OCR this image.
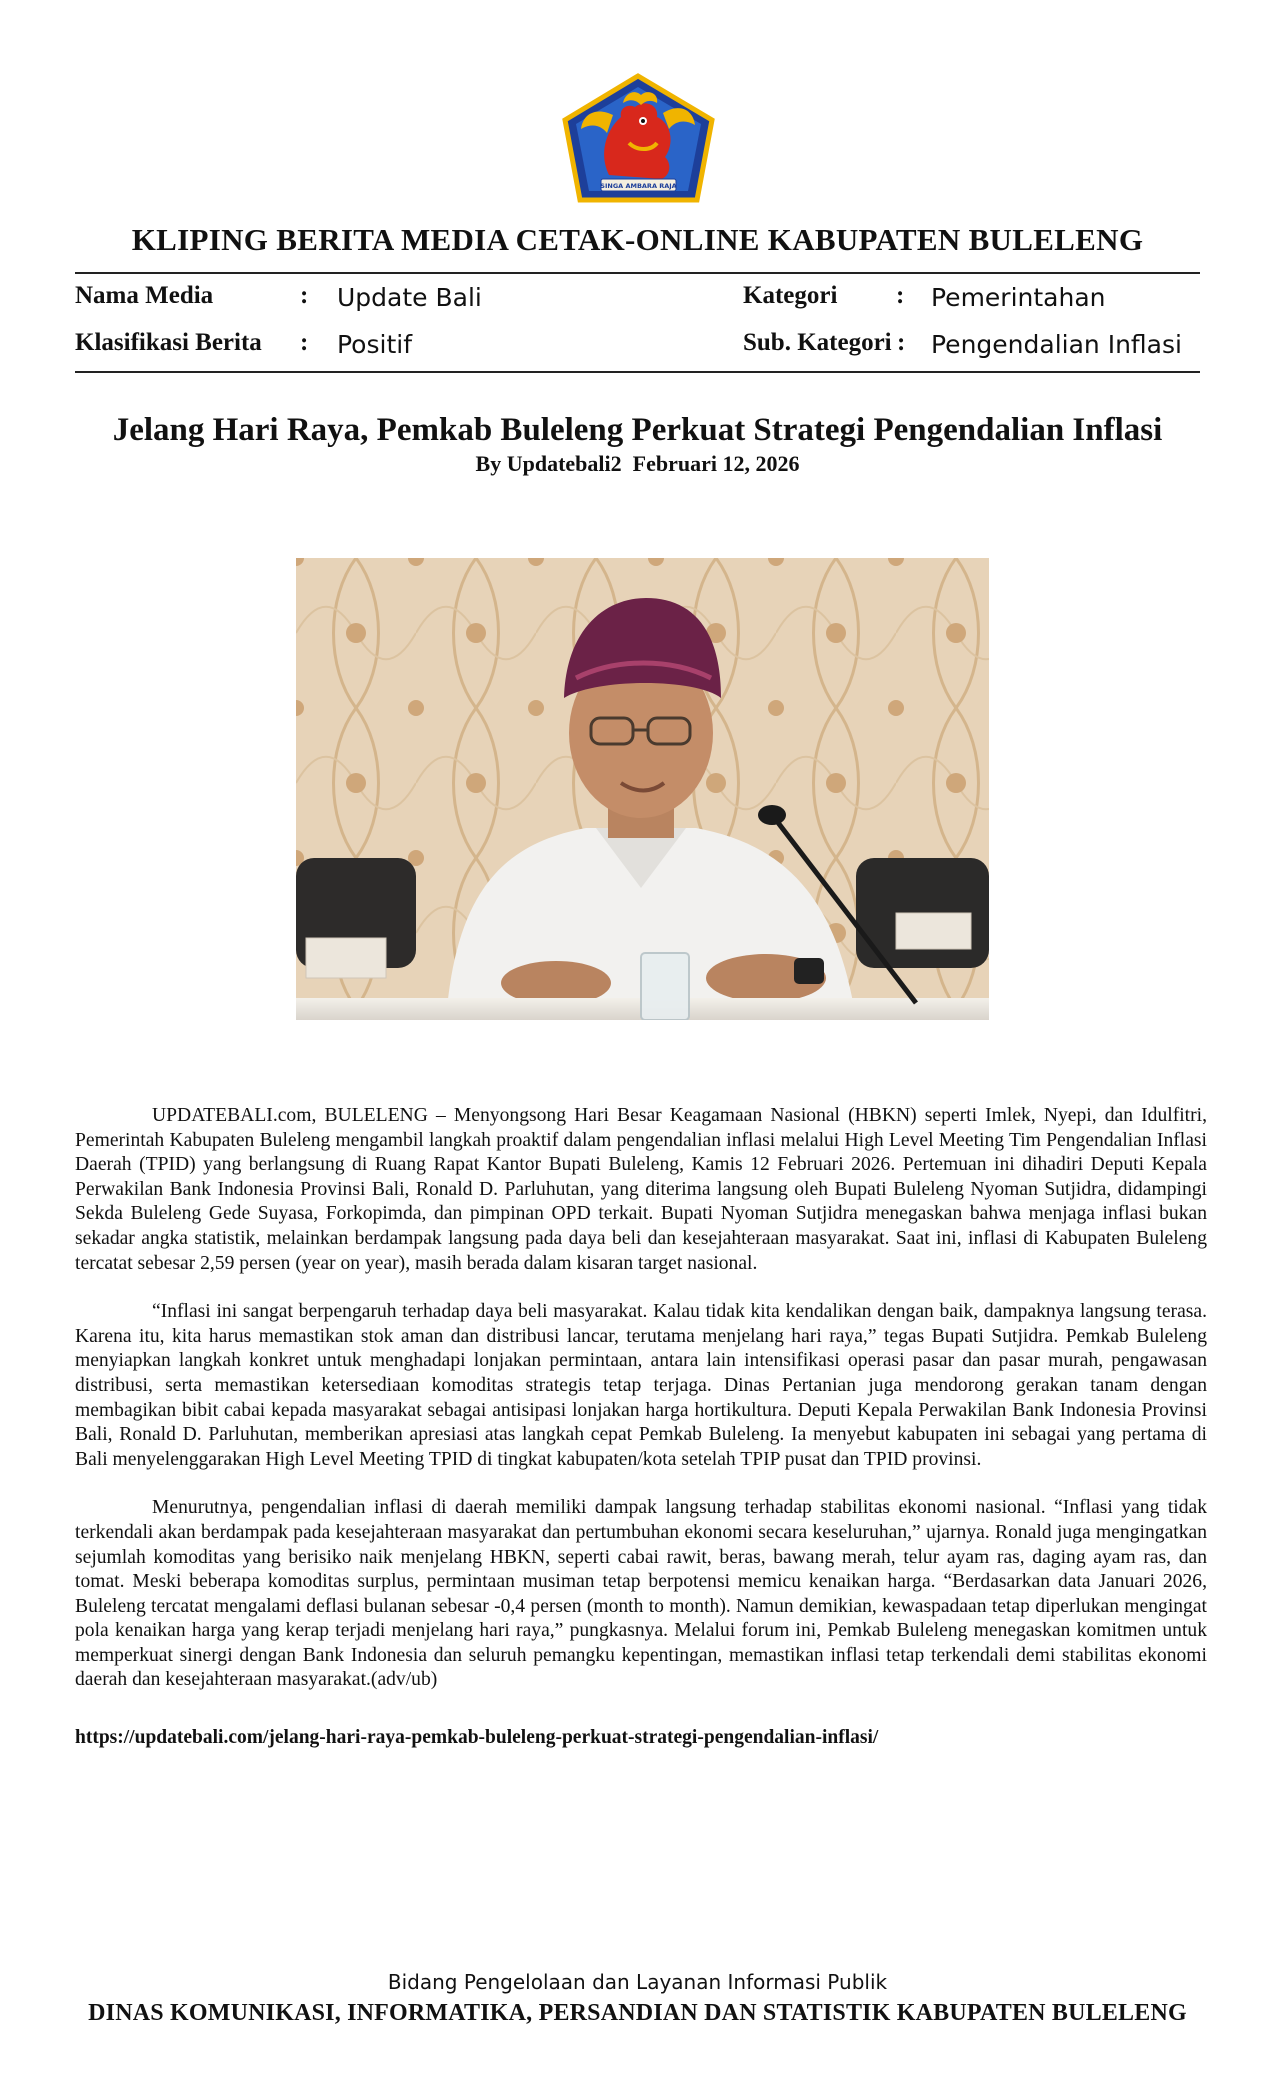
SINGA AMBARA RAJA
KLIPING BERITA MEDIA CETAK-ONLINE KABUPATEN BULELENG
Nama Media	: Update Bali
Klasifikasi Berita : Positif
Kategori : Pemerintahan
Sub. Kategori : Pengendalian Inflasi
Jelang Hari Raya, Pemkab Buleleng Perkuat Strategi Pengendalian Inflasi
By Updatebali2  Februari 12, 2026

UPDATEBALI.com, BULELENG – Menyongsong Hari Besar Keagamaan Nasional (HBKN) seperti Imlek, Nyepi, dan Idulfitri, Pemerintah Kabupaten Buleleng mengambil langkah proaktif dalam pengendalian inflasi melalui High Level Meeting Tim Pengendalian Inflasi Daerah (TPID) yang berlangsung di Ruang Rapat Kantor Bupati Buleleng, Kamis 12 Februari 2026. Pertemuan ini dihadiri Deputi Kepala Perwakilan Bank Indonesia Provinsi Bali, Ronald D. Parluhutan, yang diterima langsung oleh Bupati Buleleng Nyoman Sutjidra, didampingi Sekda Buleleng Gede Suyasa, Forkopimda, dan pimpinan OPD terkait. Bupati Nyoman Sutjidra menegaskan bahwa menjaga inflasi bukan sekadar angka statistik, melainkan berdampak langsung pada daya beli dan kesejahteraan masyarakat. Saat ini, inflasi di Kabupaten Buleleng tercatat sebesar 2,59 persen (year on year), masih berada dalam kisaran target nasional.

“Inflasi ini sangat berpengaruh terhadap daya beli masyarakat. Kalau tidak kita kendalikan dengan baik, dampaknya langsung terasa. Karena itu, kita harus memastikan stok aman dan distribusi lancar, terutama menjelang hari raya,” tegas Bupati Sutjidra. Pemkab Buleleng menyiapkan langkah konkret untuk menghadapi lonjakan permintaan, antara lain intensifikasi operasi pasar dan pasar murah, pengawasan distribusi, serta memastikan ketersediaan komoditas strategis tetap terjaga. Dinas Pertanian juga mendorong gerakan tanam dengan membagikan bibit cabai kepada masyarakat sebagai antisipasi lonjakan harga hortikultura. Deputi Kepala Perwakilan Bank Indonesia Provinsi Bali, Ronald D. Parluhutan, memberikan apresiasi atas langkah cepat Pemkab Buleleng. Ia menyebut kabupaten ini sebagai yang pertama di Bali menyelenggarakan High Level Meeting TPID di tingkat kabupaten/kota setelah TPIP pusat dan TPID provinsi.

Menurutnya, pengendalian inflasi di daerah memiliki dampak langsung terhadap stabilitas ekonomi nasional. “Inflasi yang tidak terkendali akan berdampak pada kesejahteraan masyarakat dan pertumbuhan ekonomi secara keseluruhan,” ujarnya. Ronald juga mengingatkan sejumlah komoditas yang berisiko naik menjelang HBKN, seperti cabai rawit, beras, bawang merah, telur ayam ras, daging ayam ras, dan tomat. Meski beberapa komoditas surplus, permintaan musiman tetap berpotensi memicu kenaikan harga. “Berdasarkan data Januari 2026, Buleleng tercatat mengalami deflasi bulanan sebesar -0,4 persen (month to month). Namun demikian, kewaspadaan tetap diperlukan mengingat pola kenaikan harga yang kerap terjadi menjelang hari raya,” pungkasnya. Melalui forum ini, Pemkab Buleleng menegaskan komitmen untuk memperkuat sinergi dengan Bank Indonesia dan seluruh pemangku kepentingan, memastikan inflasi tetap terkendali demi stabilitas ekonomi daerah dan kesejahteraan masyarakat.(adv/ub)

https://updatebali.com/jelang-hari-raya-pemkab-buleleng-perkuat-strategi-pengendalian-inflasi/
Bidang Pengelolaan dan Layanan Informasi Publik
DINAS KOMUNIKASI, INFORMATIKA, PERSANDIAN DAN STATISTIK KABUPATEN BULELENG
